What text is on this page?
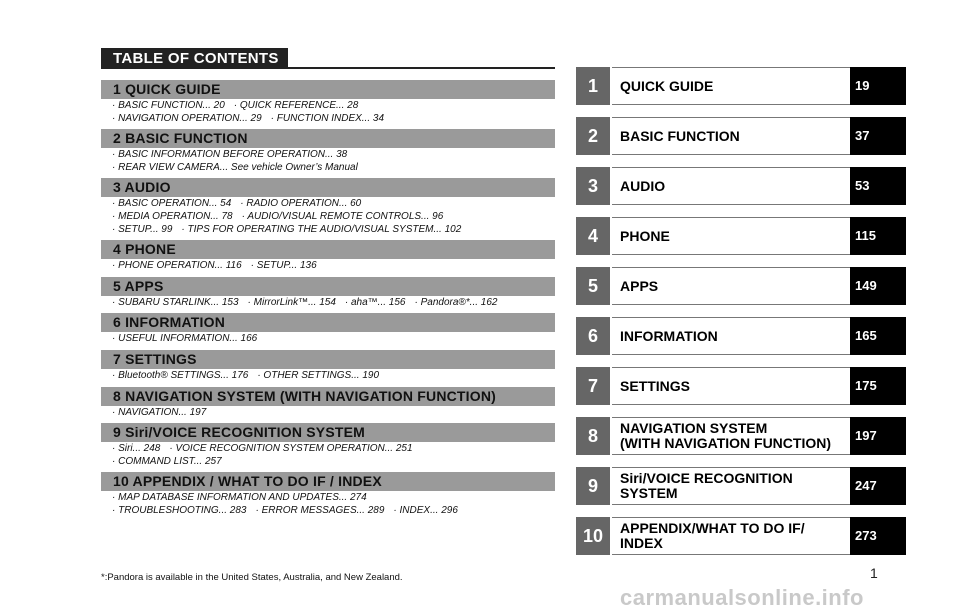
TABLE OF CONTENTS
1 QUICK GUIDE
· BASIC FUNCTION... 20 · QUICK REFERENCE... 28
· NAVIGATION OPERATION... 29 · FUNCTION INDEX... 34
2 BASIC FUNCTION
· BASIC INFORMATION BEFORE OPERATION... 38
· REAR VIEW CAMERA... See vehicle Owner’s Manual
3 AUDIO
· BASIC OPERATION... 54 · RADIO OPERATION... 60
· MEDIA OPERATION... 78 · AUDIO/VISUAL REMOTE CONTROLS... 96
· SETUP... 99 · TIPS FOR OPERATING THE AUDIO/VISUAL SYSTEM... 102
4 PHONE
· PHONE OPERATION... 116 · SETUP... 136
5 APPS
· SUBARU STARLINK... 153 · MirrorLink™... 154 · aha™... 156 · Pandora®*... 162
6 INFORMATION
· USEFUL INFORMATION... 166
7 SETTINGS
· Bluetooth® SETTINGS... 176 · OTHER SETTINGS... 190
8 NAVIGATION SYSTEM (WITH NAVIGATION FUNCTION)
· NAVIGATION... 197
9 Siri/VOICE RECOGNITION SYSTEM
· Siri... 248 · VOICE RECOGNITION SYSTEM OPERATION... 251
· COMMAND LIST... 257
10 APPENDIX / WHAT TO DO IF / INDEX
· MAP DATABASE INFORMATION AND UPDATES... 274
· TROUBLESHOOTING... 283 · ERROR MESSAGES... 289 · INDEX... 296
*:Pandora is available in the United States, Australia, and New Zealand.	1
1	QUICK GUIDE	19
2	BASIC FUNCTION	37
3	AUDIO	53
4	PHONE	115
5	APPS	149
6	INFORMATION	165
7	SETTINGS	175
8	NAVIGATION SYSTEM
(WITH NAVIGATION FUNCTION)	197
9	Siri/VOICE RECOGNITION
SYSTEM	247
10	APPENDIX/WHAT TO DO IF/
INDEX	273
carmanualsonline.info
